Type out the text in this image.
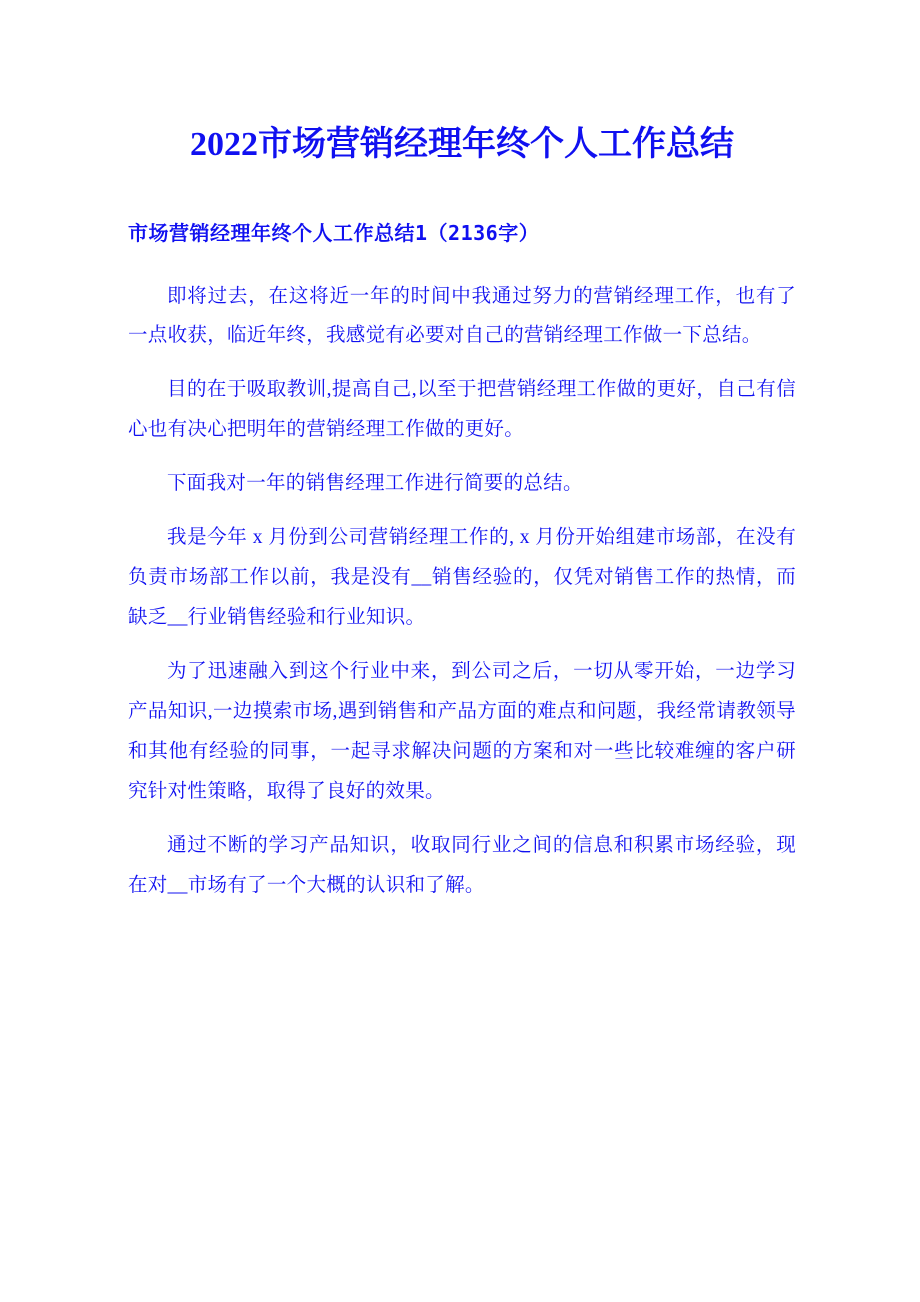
2022市场营销经理年终个人工作总结
市场营销经理年终个人工作总结1（2136字）

即将过去，在这将近一年的时间中我通过努力的营销经理工作，也有了一点收获，临近年终，我感觉有必要对自己的营销经理工作做一下总结。

目的在于吸取教训,提高自己,以至于把营销经理工作做的更好，自己有信心也有决心把明年的营销经理工作做的更好。

下面我对一年的销售经理工作进行简要的总结。

我是今年 x 月份到公司营销经理工作的, x 月份开始组建市场部，在没有负责市场部工作以前，我是没有__销售经验的，仅凭对销售工作的热情，而缺乏__行业销售经验和行业知识。

为了迅速融入到这个行业中来，到公司之后，一切从零开始，一边学习产品知识,一边摸索市场,遇到销售和产品方面的难点和问题，我经常请教领导和其他有经验的同事，一起寻求解决问题的方案和对一些比较难缠的客户研究针对性策略，取得了良好的效果。

通过不断的学习产品知识，收取同行业之间的信息和积累市场经验，现在对__市场有了一个大概的认识和了解。
